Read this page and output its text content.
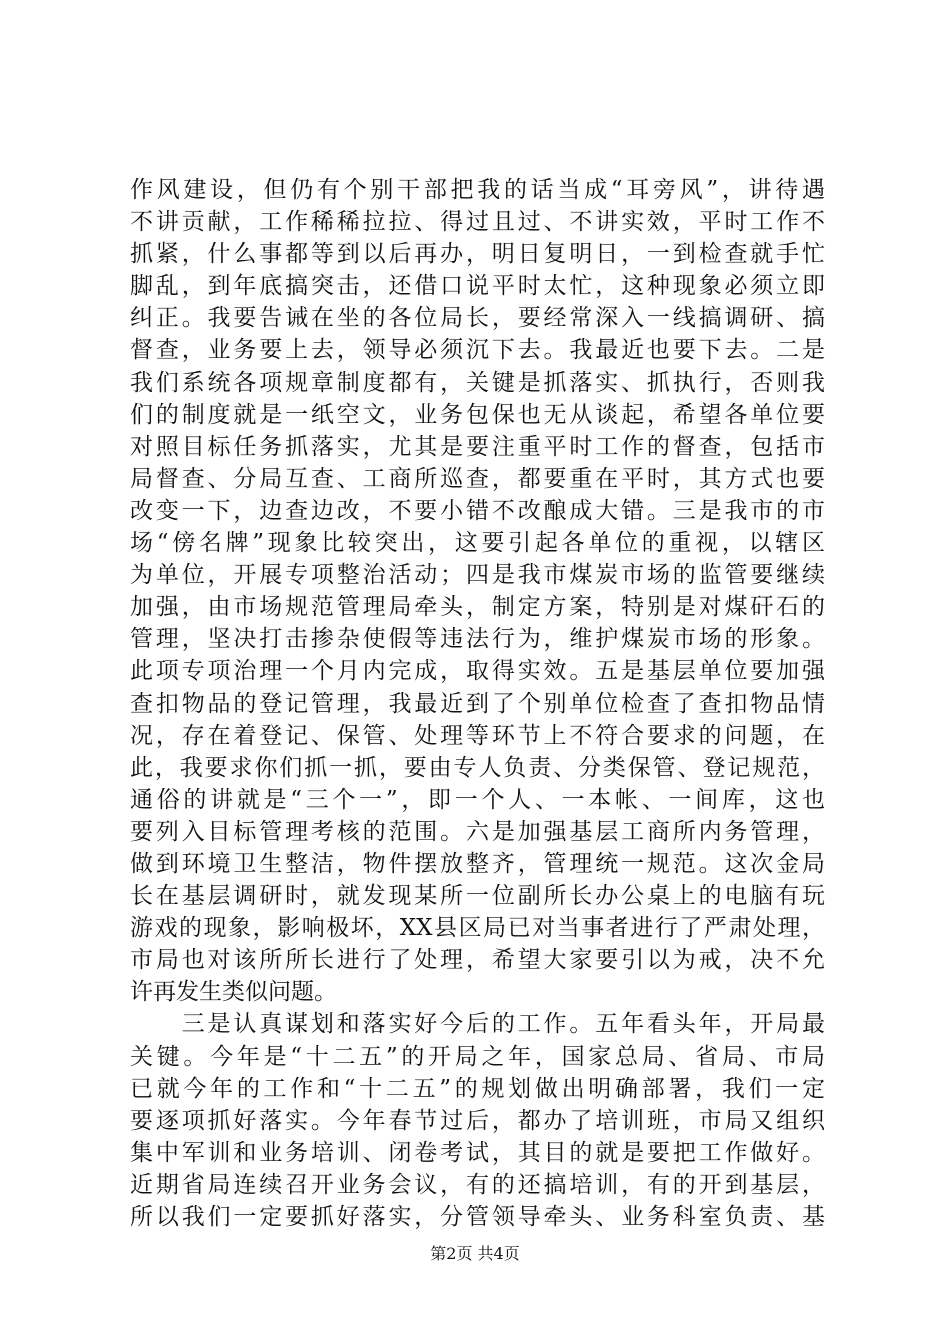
作风建设，但仍有个别干部把我的话当成“耳旁风”，讲待遇
不讲贡献，工作稀稀拉拉、得过且过、不讲实效，平时工作不
抓紧，什么事都等到以后再办，明日复明日，一到检查就手忙
脚乱，到年底搞突击，还借口说平时太忙，这种现象必须立即
纠正。我要告诫在坐的各位局长，要经常深入一线搞调研、搞
督查，业务要上去，领导必须沉下去。我最近也要下去。二是
我们系统各项规章制度都有，关键是抓落实、抓执行，否则我
们的制度就是一纸空文，业务包保也无从谈起，希望各单位要
对照目标任务抓落实，尤其是要注重平时工作的督查，包括市
局督查、分局互查、工商所巡查，都要重在平时，其方式也要
改变一下，边查边改，不要小错不改酿成大错。三是我市的市
场“傍名牌”现象比较突出，这要引起各单位的重视，以辖区
为单位，开展专项整治活动；四是我市煤炭市场的监管要继续
加强，由市场规范管理局牵头，制定方案，特别是对煤矸石的
管理，坚决打击掺杂使假等违法行为，维护煤炭市场的形象。
此项专项治理一个月内完成，取得实效。五是基层单位要加强
查扣物品的登记管理，我最近到了个别单位检查了查扣物品情
况，存在着登记、保管、处理等环节上不符合要求的问题，在
此，我要求你们抓一抓，要由专人负责、分类保管、登记规范，
通俗的讲就是“三个一”，即一个人、一本帐、一间库，这也
要列入目标管理考核的范围。六是加强基层工商所内务管理，
做到环境卫生整洁，物件摆放整齐，管理统一规范。这次金局
长在基层调研时，就发现某所一位副所长办公桌上的电脑有玩
游戏的现象，影响极坏，XX县区局已对当事者进行了严肃处理，
市局也对该所所长进行了处理，希望大家要引以为戒，决不允
许再发生类似问题。
　　三是认真谋划和落实好今后的工作。五年看头年，开局最
关键。今年是“十二五”的开局之年，国家总局、省局、市局
已就今年的工作和“十二五”的规划做出明确部署，我们一定
要逐项抓好落实。今年春节过后，都办了培训班，市局又组织
集中军训和业务培训、闭卷考试，其目的就是要把工作做好。
近期省局连续召开业务会议，有的还搞培训，有的开到基层，
所以我们一定要抓好落实，分管领导牵头、业务科室负责、基
第2页 共4页
